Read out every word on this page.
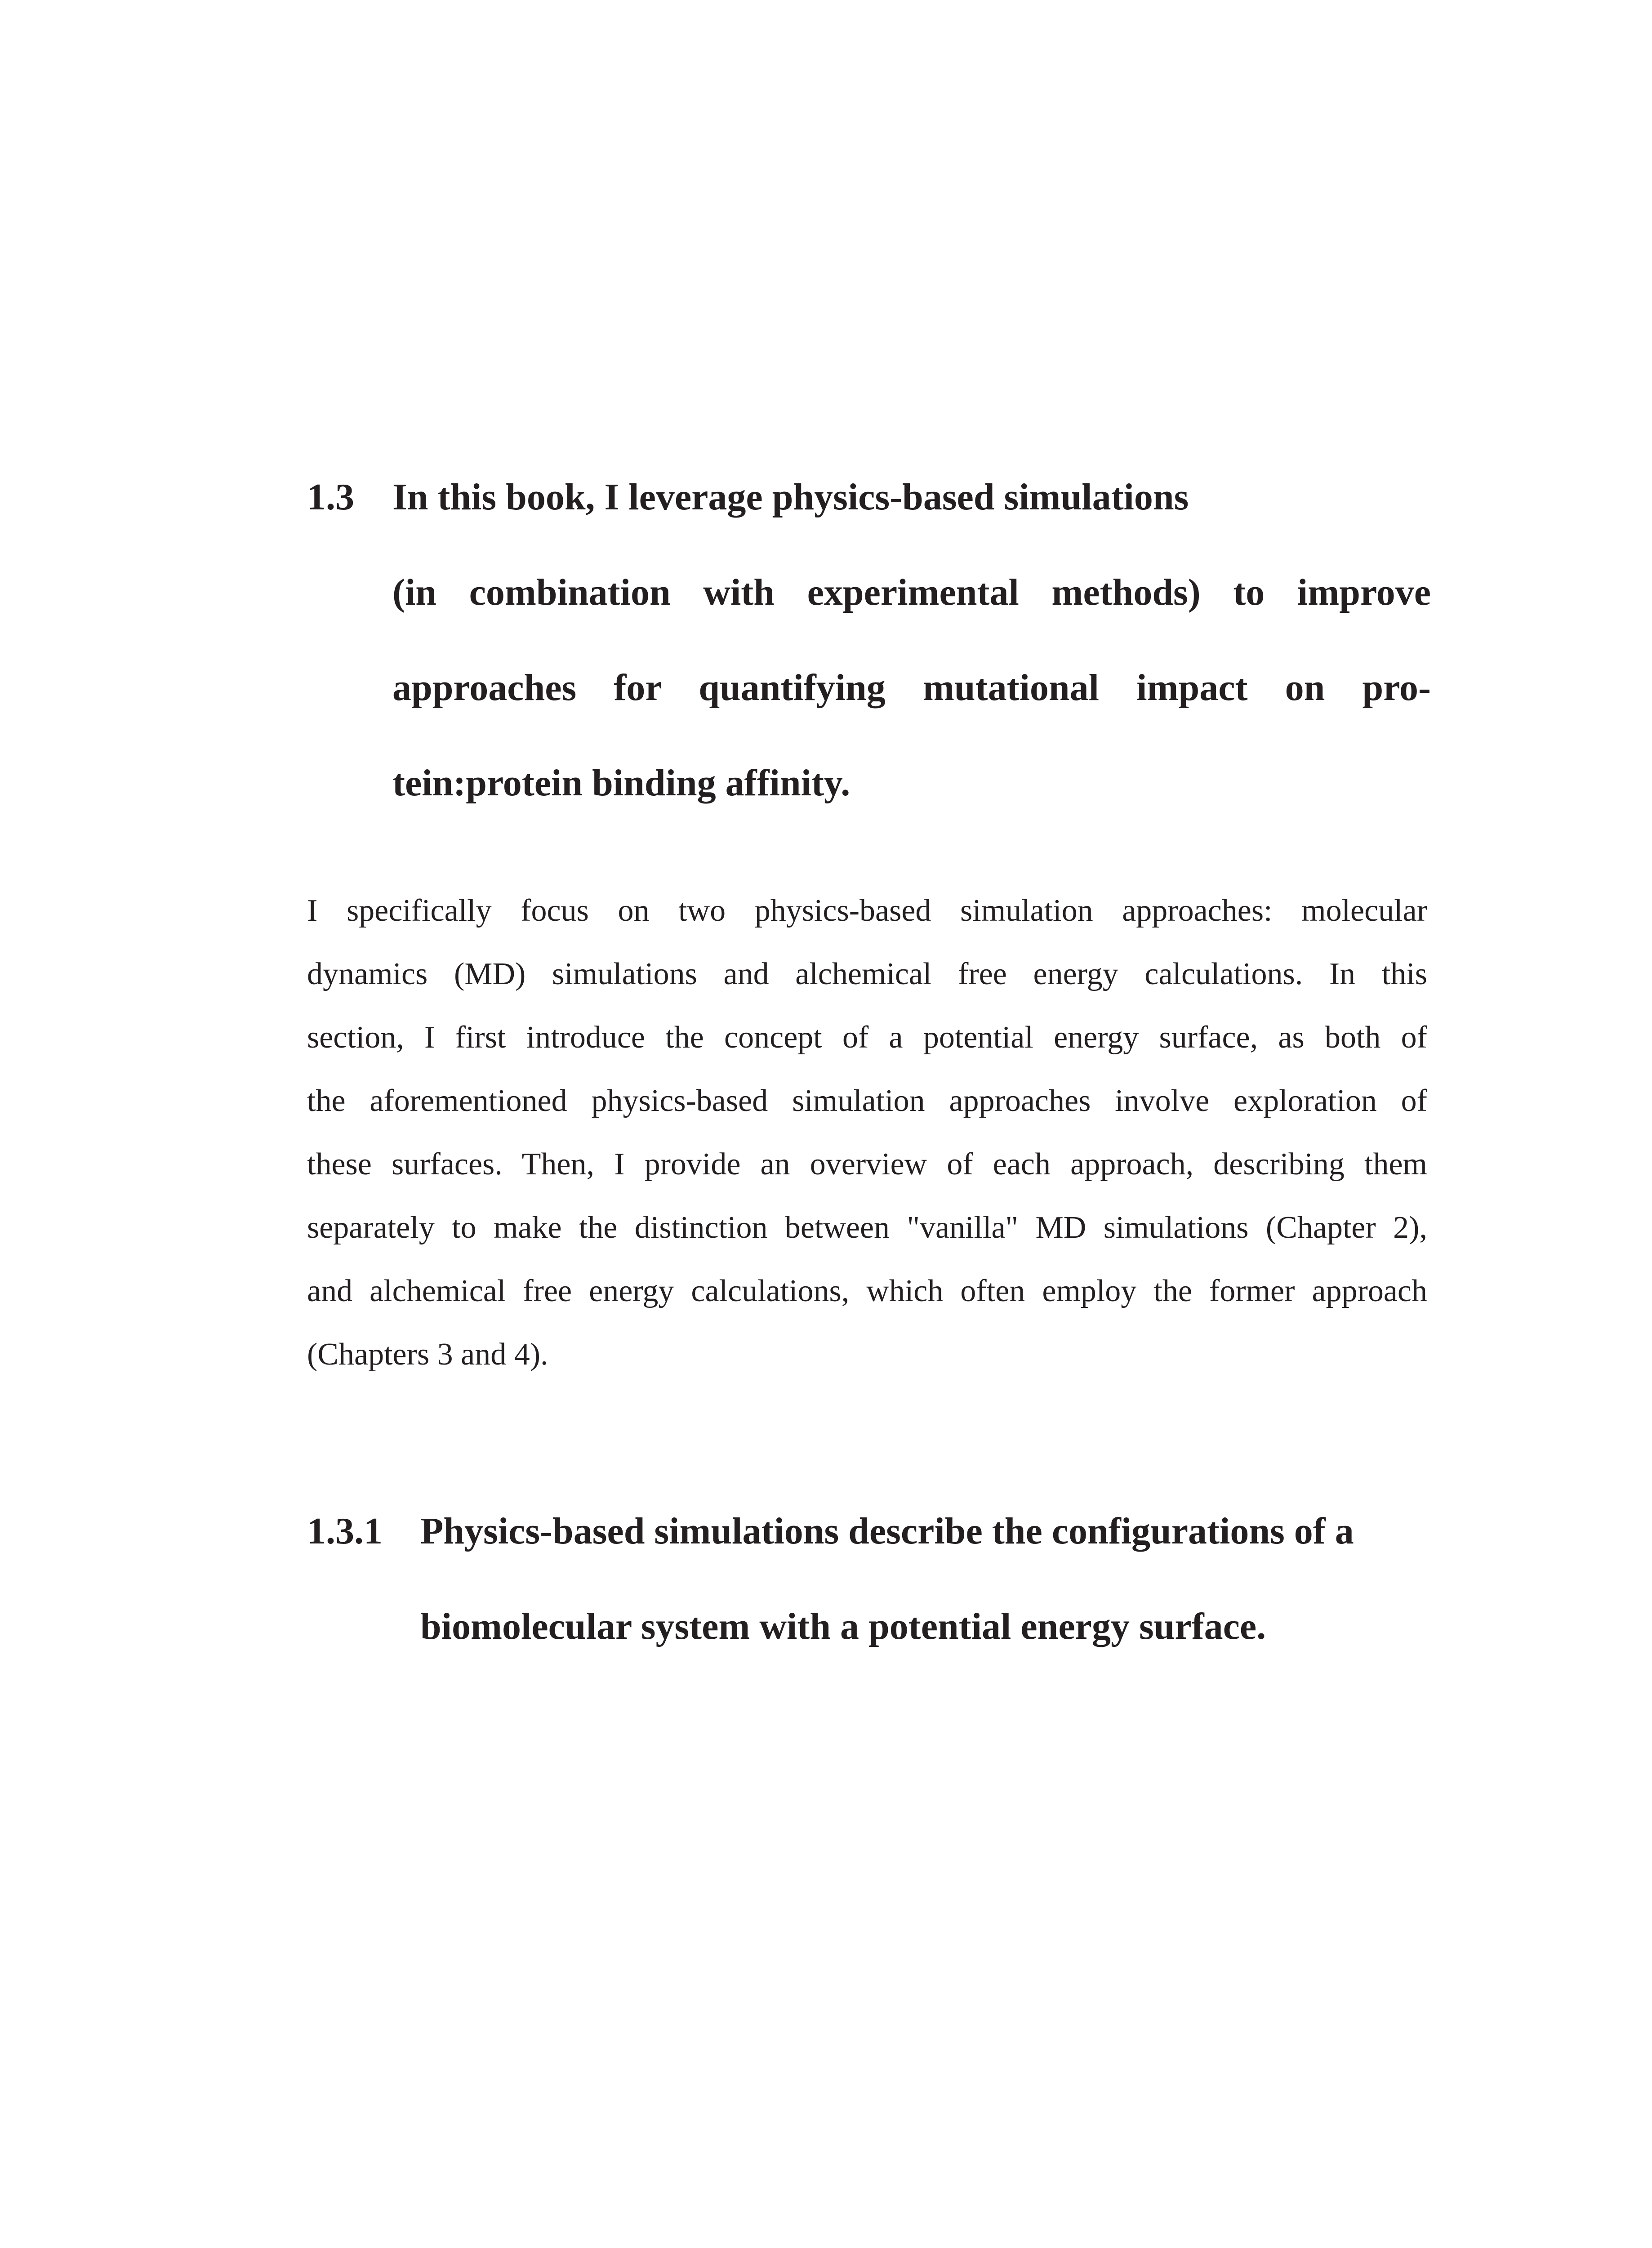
1.3	In this book, I leverage physics-based simulations
(in combination with experimental methods) to improve
approaches for quantifying mutational impact on pro-
tein:protein binding affinity.
I specifically focus on two physics-based simulation approaches: molecular
dynamics (MD) simulations and alchemical free energy calculations. In this
section, I first introduce the concept of a potential energy surface, as both of
the aforementioned physics-based simulation approaches involve exploration of
these surfaces. Then, I provide an overview of each approach, describing them
separately to make the distinction between "vanilla" MD simulations (Chapter 2),
and alchemical free energy calculations, which often employ the former approach
(Chapters 3 and 4).
1.3.1	Physics-based simulations describe the configurations of a
biomolecular system with a potential energy surface.
